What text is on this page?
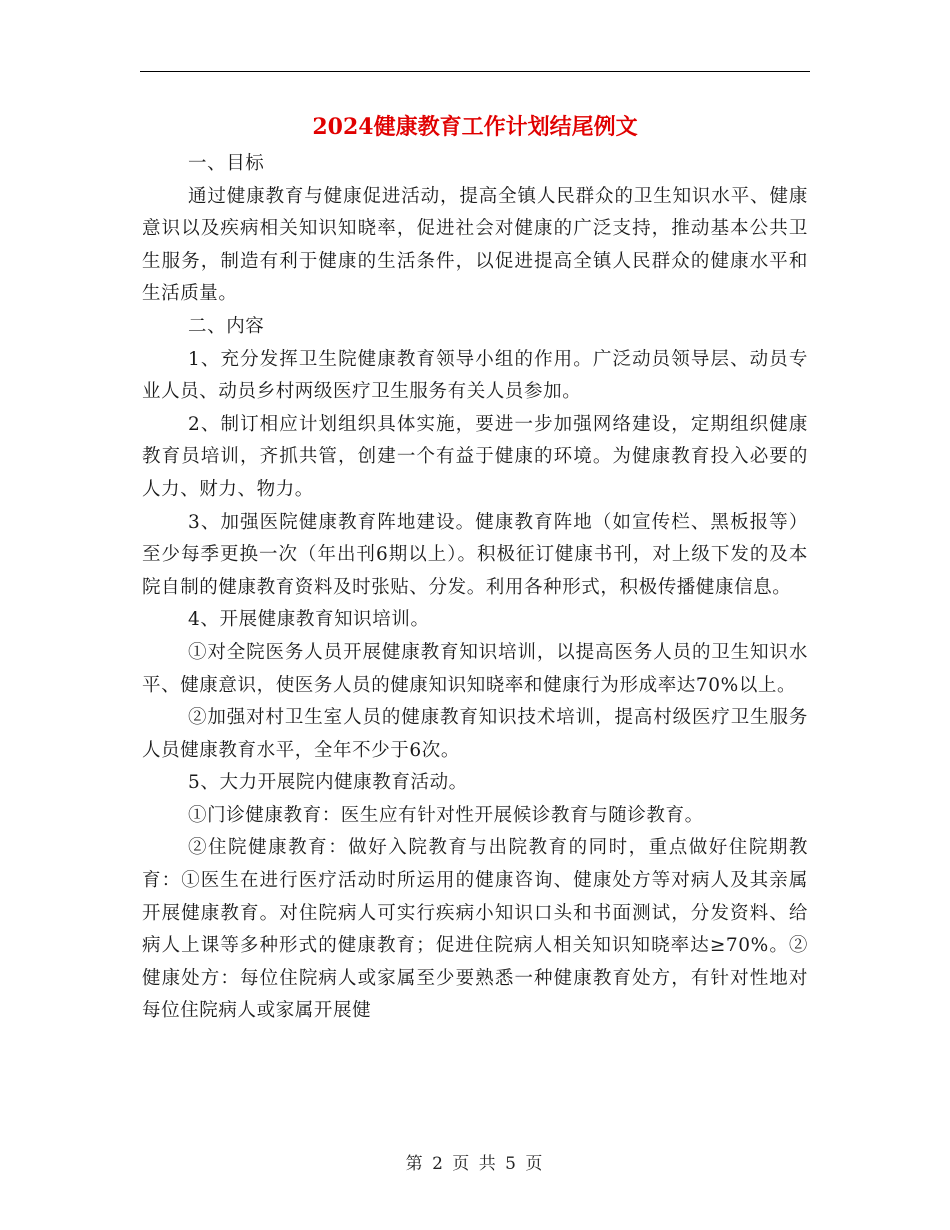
2024健康教育工作计划结尾例文

一、目标

通过健康教育与健康促进活动，提高全镇人民群众的卫生知识水平、健康意识以及疾病相关知识知晓率，促进社会对健康的广泛支持，推动基本公共卫生服务，制造有利于健康的生活条件，以促进提高全镇人民群众的健康水平和生活质量。

二、内容

1、充分发挥卫生院健康教育领导小组的作用。广泛动员领导层、动员专业人员、动员乡村两级医疗卫生服务有关人员参加。

2、制订相应计划组织具体实施，要进一步加强网络建设，定期组织健康教育员培训，齐抓共管，创建一个有益于健康的环境。为健康教育投入必要的人力、财力、物力。

3、加强医院健康教育阵地建设。健康教育阵地（如宣传栏、黑板报等）至少每季更换一次（年出刊6期以上）。积极征订健康书刊，对上级下发的及本院自制的健康教育资料及时张贴、分发。利用各种形式，积极传播健康信息。

4、开展健康教育知识培训。

①对全院医务人员开展健康教育知识培训，以提高医务人员的卫生知识水平、健康意识，使医务人员的健康知识知晓率和健康行为形成率达70%以上。

②加强对村卫生室人员的健康教育知识技术培训，提高村级医疗卫生服务人员健康教育水平，全年不少于6次。

5、大力开展院内健康教育活动。

①门诊健康教育：医生应有针对性开展候诊教育与随诊教育。

②住院健康教育：做好入院教育与出院教育的同时，重点做好住院期教育：①医生在进行医疗活动时所运用的健康咨询、健康处方等对病人及其亲属开展健康教育。对住院病人可实行疾病小知识口头和书面测试，分发资料、给病人上课等多种形式的健康教育；促进住院病人相关知识知晓率达≥70%。②健康处方：每位住院病人或家属至少要熟悉一种健康教育处方，有针对性地对每位住院病人或家属开展健

第 2 页 共 5 页
